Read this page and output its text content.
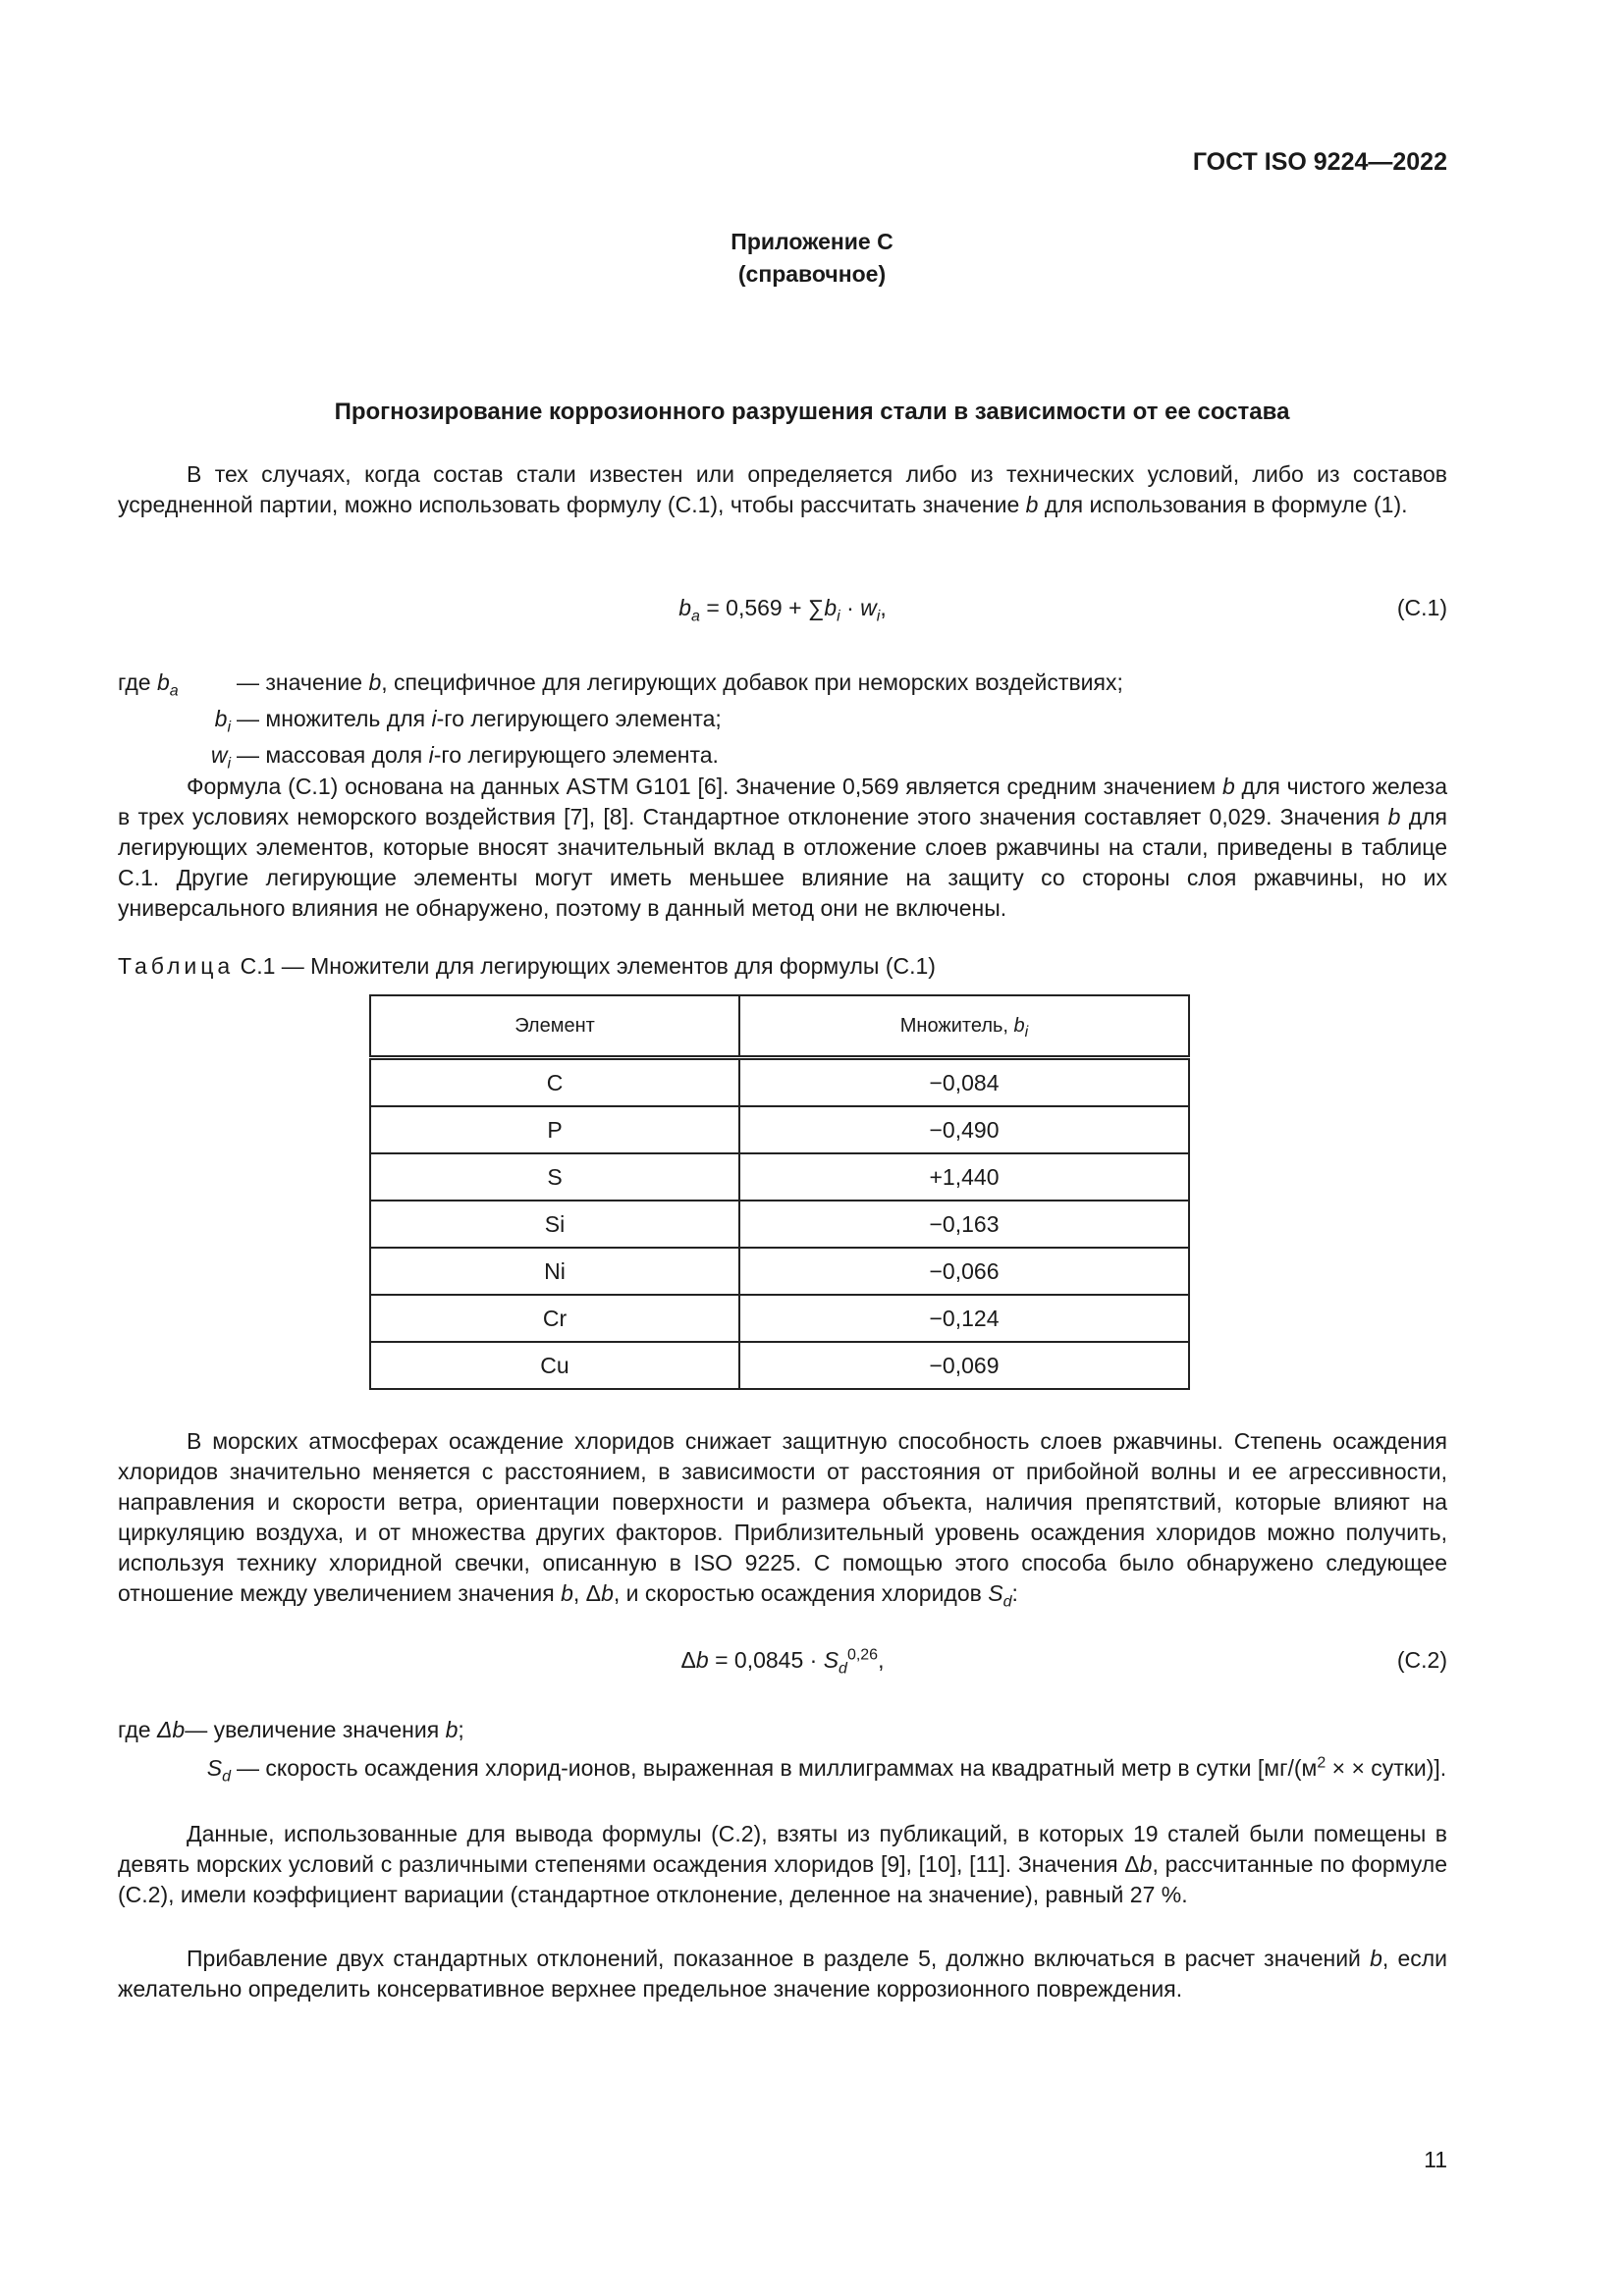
ГОСТ ISO 9224—2022
Приложение С
(справочное)
Прогнозирование коррозионного разрушения стали в зависимости от ее состава

В тех случаях, когда состав стали известен или определяется либо из технических условий, либо из составов усредненной партии, можно использовать формулу (С.1), чтобы рассчитать значение b для использования в формуле (1).

$b_a = 0,569 + \sum b_i \cdot w_i$,	(С.1)
где $b_a$	— значение b, специфичное для легирующих добавок при неморских воздействиях;
$b_i$ — множитель для i-го легирующего элемента;
$w_i$ — массовая доля i-го легирующего элемента.

Формула (С.1) основана на данных ASTM G101 [6]. Значение 0,569 является средним значением b для чистого железа в трех условиях неморского воздействия [7], [8]. Стандартное отклонение этого значения составляет 0,029. Значения b для легирующих элементов, которые вносят значительный вклад в отложение слоев ржавчины на стали, приведены в таблице С.1. Другие легирующие элементы могут иметь меньшее влияние на защиту со стороны слоя ржавчины, но их универсального влияния не обнаружено, поэтому в данный метод они не включены.

Таблица С.1 — Множители для легирующих элементов для формулы (С.1)
Элемент	Множитель, $b_i$
C	−0,084
P	−0,490
S	+1,440
Si	−0,163
Ni	−0,066
Cr	−0,124
Cu	−0,069

В морских атмосферах осаждение хлоридов снижает защитную способность слоев ржавчины. Степень осаждения хлоридов значительно меняется с расстоянием, в зависимости от расстояния от прибойной волны и ее агрессивности, направления и скорости ветра, ориентации поверхности и размера объекта, наличия препятствий, которые влияют на циркуляцию воздуха, и от множества других факторов. Приблизительный уровень осаждения хлоридов можно получить, используя технику хлоридной свечки, описанную в ISO 9225. С помощью этого способа было обнаружено следующее отношение между увеличением значения b, Δb, и скоростью осаждения хлоридов $S_d$:

$\Delta b = 0,0845 \cdot S_d^{0,26}$,	(С.2)
где Δb — увеличение значения b;
$S_d$ — скорость осаждения хлорид-ионов, выраженная в миллиграммах на квадратный метр в сутки [$мг/(м^2$ × × сутки)].

Данные, использованные для вывода формулы (С.2), взяты из публикаций, в которых 19 сталей были помещены в девять морских условий с различными степенями осаждения хлоридов [9], [10], [11]. Значения Δb, рассчитанные по формуле (С.2), имели коэффициент вариации (стандартное отклонение, деленное на значение), равный 27 %.

Прибавление двух стандартных отклонений, показанное в разделе 5, должно включаться в расчет значений b, если желательно определить консервативное верхнее предельное значение коррозионного повреждения.

11
